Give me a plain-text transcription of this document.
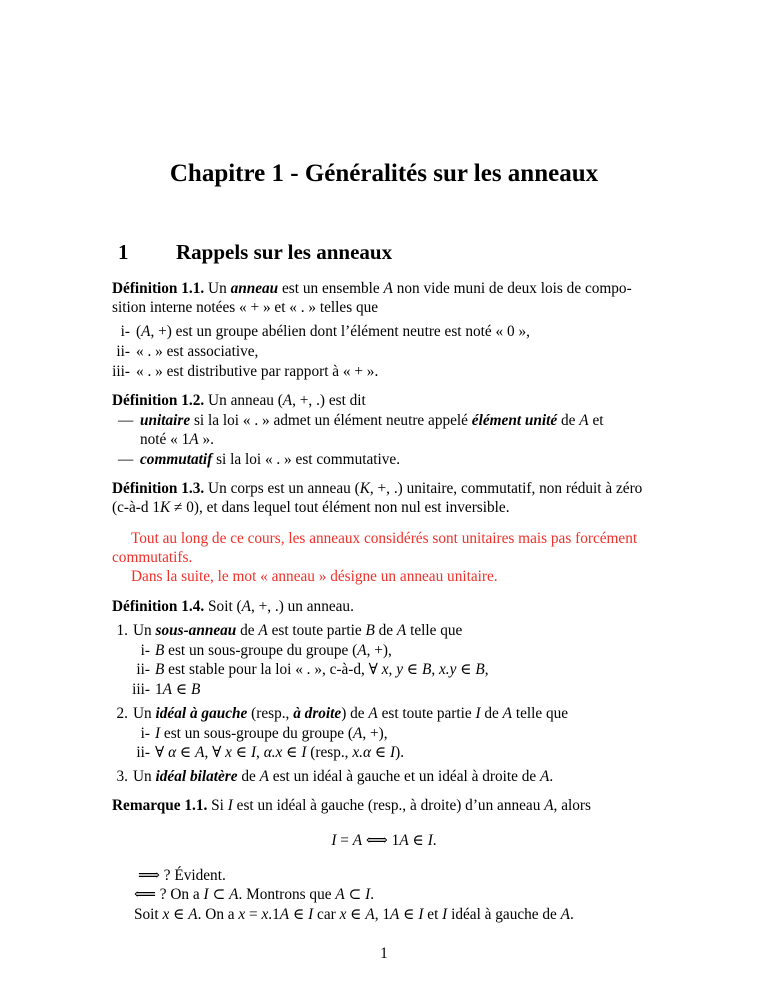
Chapitre 1 - Généralités sur les anneaux
1 Rappels sur les anneaux
Définition 1.1. Un anneau est un ensemble A non vide muni de deux lois de compo-
sition interne notées « + » et « . » telles que
i- (A, +) est un groupe abélien dont l’élément neutre est noté « 0 »,
ii- « . » est associative,
iii- « . » est distributive par rapport à « + ».
Définition 1.2. Un anneau (A, +, .) est dit
— unitaire si la loi « . » admet un élément neutre appelé élément unité de A et
noté « 1A ».
— commutatif si la loi « . » est commutative.
Définition 1.3. Un corps est un anneau (K, +, .) unitaire, commutatif, non réduit à zéro
(c-à-d 1K ≠ 0), et dans lequel tout élément non nul est inversible.
Tout au long de ce cours, les anneaux considérés sont unitaires mais pas forcément
commutatifs.
Dans la suite, le mot « anneau » désigne un anneau unitaire.
Définition 1.4. Soit (A, +, .) un anneau.
1. Un sous-anneau de A est toute partie B de A telle que
i- B est un sous-groupe du groupe (A, +),
ii- B est stable pour la loi « . », c-à-d, ∀ x, y ∈ B, x.y ∈ B,
iii- 1A ∈ B
2. Un idéal à gauche (resp., à droite) de A est toute partie I de A telle que
i- I est un sous-groupe du groupe (A, +),
ii- ∀ α ∈ A, ∀ x ∈ I, α.x ∈ I (resp., x.α ∈ I).
3. Un idéal bilatère de A est un idéal à gauche et un idéal à droite de A.
Remarque 1.1. Si I est un idéal à gauche (resp., à droite) d’un anneau A, alors
I = A ⟺ 1A ∈ I.
⟹ ? Évident.
⟸ ? On a I ⊂ A. Montrons que A ⊂ I.
Soit x ∈ A. On a x = x.1A ∈ I car x ∈ A, 1A ∈ I et I idéal à gauche de A.
1
